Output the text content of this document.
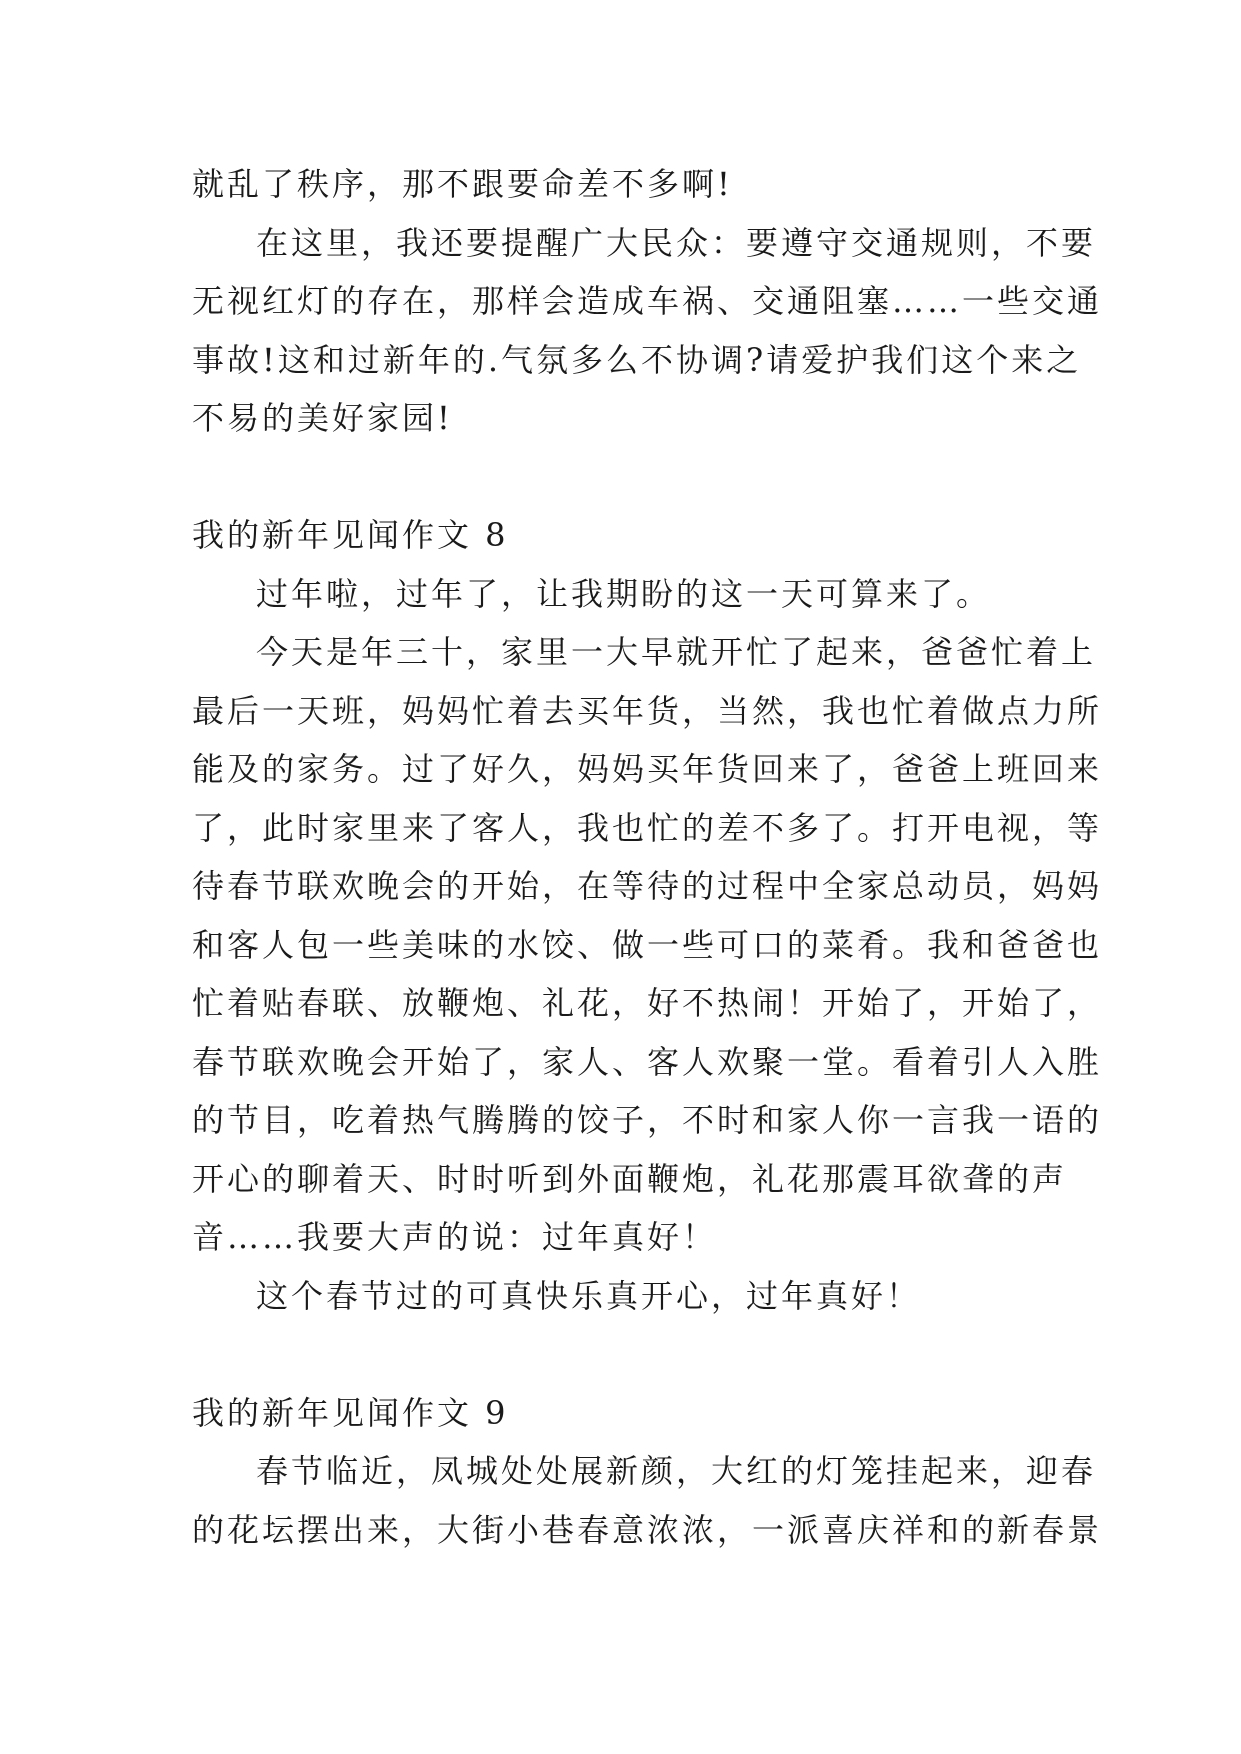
就乱了秩序，那不跟要命差不多啊!
在这里，我还要提醒广大民众：要遵守交通规则，不要
无视红灯的存在，那样会造成车祸、交通阻塞……一些交通
事故!这和过新年的.气氛多么不协调?请爱护我们这个来之
不易的美好家园!
我的新年见闻作文 8
过年啦，过年了，让我期盼的这一天可算来了。
今天是年三十，家里一大早就开忙了起来，爸爸忙着上
最后一天班，妈妈忙着去买年货，当然，我也忙着做点力所
能及的家务。过了好久，妈妈买年货回来了，爸爸上班回来
了，此时家里来了客人，我也忙的差不多了。打开电视，等
待春节联欢晚会的开始，在等待的过程中全家总动员，妈妈
和客人包一些美味的水饺、做一些可口的菜肴。我和爸爸也
忙着贴春联、放鞭炮、礼花，好不热闹！开始了，开始了，
春节联欢晚会开始了，家人、客人欢聚一堂。看着引人入胜
的节目，吃着热气腾腾的饺子，不时和家人你一言我一语的
开心的聊着天、时时听到外面鞭炮，礼花那震耳欲聋的声
音……我要大声的说：过年真好！
这个春节过的可真快乐真开心，过年真好！
我的新年见闻作文 9
春节临近，凤城处处展新颜，大红的灯笼挂起来，迎春
的花坛摆出来，大街小巷春意浓浓，一派喜庆祥和的新春景
